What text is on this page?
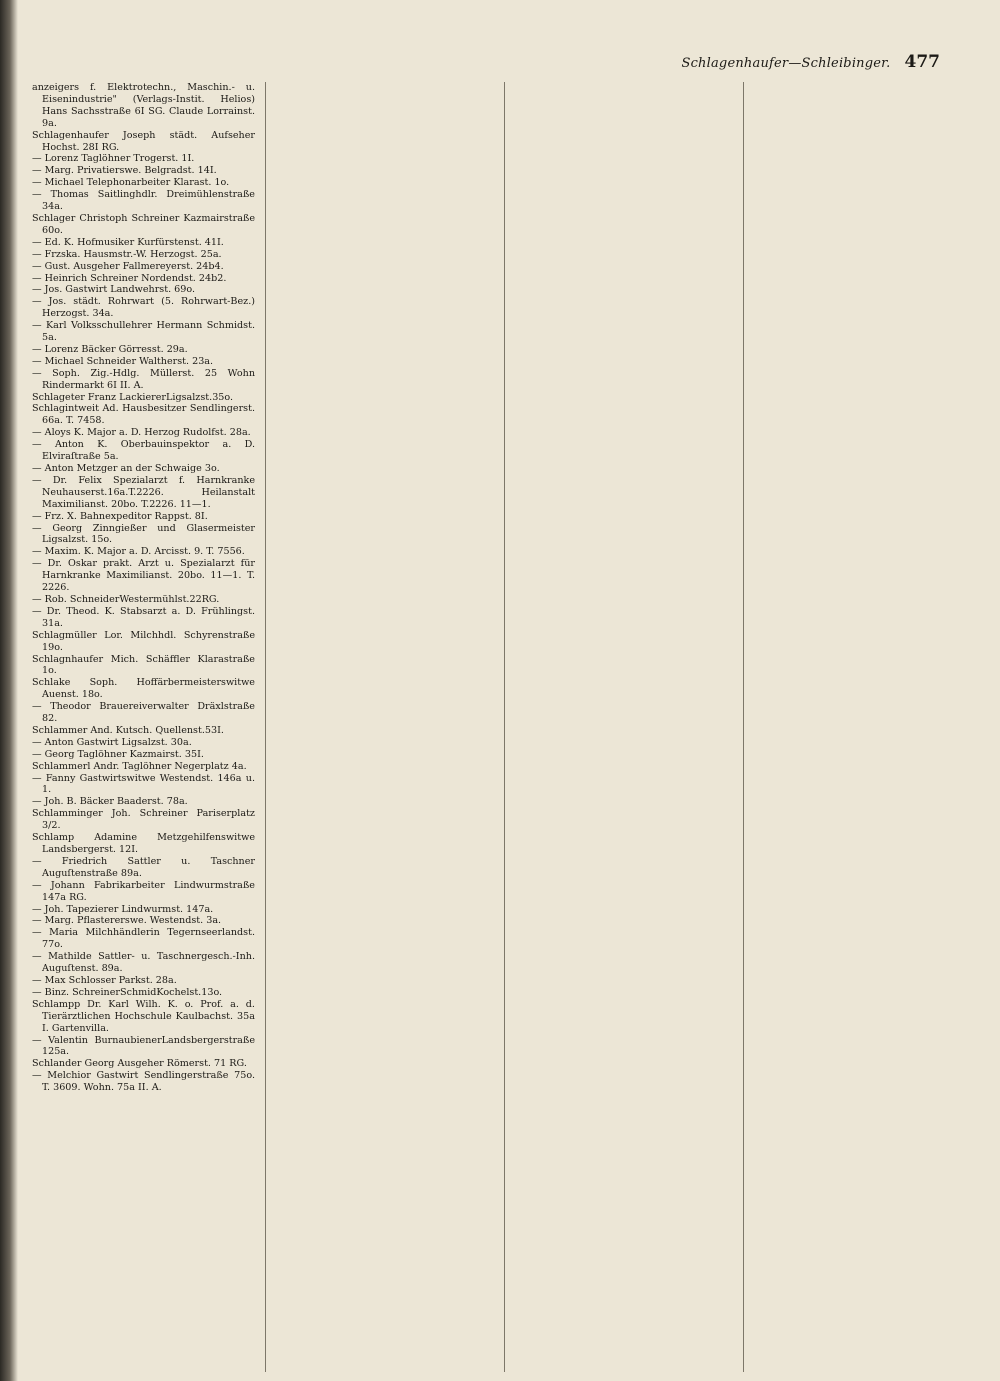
Schlagenhaufer—Schleibinger. 477
anzeigers f. Elektrotechn., Maschin.- u. Eisenindustrie" (Verlags-Instit. Helios) Hans Sachsstraße 6I SG. Claude Lorrainst. 9a.
Schlagenhaufer Joseph städt. Aufseher Hochst. 28I RG.
— Lorenz Taglöhner Trogerst. 1I.
— Marg. Privatierswe. Belgradst. 14I.
— Michael Telephonarbeiter Klarast. 1o.
— Thomas Saitlinghdlr. Dreimühlenstraße 34a.
Schlager Christoph Schreiner Kazmairstraße 60o.
— Ed. K. Hofmusiker Kurfürstenst. 41I.
— Frzska. Hausmstr.-W. Herzogst. 25a.
— Gust. Ausgeher Fallmereyerst. 24b4.
— Heinrich Schreiner Nordendst. 24b2.
— Jos. Gastwirt Landwehrst. 69o.
— Jos. städt. Rohrwart (5. Rohrwart-Bez.) Herzogst. 34a.
— Karl Volksschullehrer Hermann Schmidst. 5a.
— Lorenz Bäcker Görresst. 29a.
— Michael Schneider Waltherst. 23a.
— Soph. Zig.-Hdlg. Müllerst. 25 Wohn Rindermarkt 6I II. A.
Schlageter Franz LackiererLigsalzst.35o.
Schlagintweit Ad. Hausbesitzer Sendlingerst. 66a. T. 7458.
— Aloys K. Major a. D. Herzog Rudolfst. 28a.
— Anton K. Oberbauinspektor a. D. Elviraſtraße 5a.
— Anton Metzger an der Schwaige 3o.
— Dr. Felix Spezialarzt f. Harnkranke Neuhauserst.16a.T.2226. Heilanstalt Maximilianst. 20bo. T.2226. 11—1.
— Frz. X. Bahnexpeditor Rappst. 8I.
— Georg Zinngießer und Glasermeister Ligsalzst. 15o.
— Maxim. K. Major a. D. Arcisst. 9. T. 7556.
— Dr. Oskar prakt. Arzt u. Spezialarzt für Harnkranke Maximilianst. 20bo. 11—1. T. 2226.
— Rob. SchneiderWestermühlst.22RG.
— Dr. Theod. K. Stabsarzt a. D. Frühlingst. 31a.
Schlagmüller Lor. Milchhdl. Schyrenstraße 19o.
Schlagnhaufer Mich. Schäffler Klarastraße 1o.
Schlake Soph. Hoffärbermeisterswitwe Auenst. 18o.
— Theodor Brauereiverwalter Dräxlstraße 82.
Schlammer And. Kutsch. Quellenst.53I.
— Anton Gastwirt Ligsalzst. 30a.
— Georg Taglöhner Kazmairst. 35I.
Schlammerl Andr. Taglöhner Negerplatz 4a.
— Fanny Gastwirtswitwe Westendst. 146a u. 1.
— Joh. B. Bäcker Baaderst. 78a.
Schlamminger Joh. Schreiner Pariserplatz 3/2.
Schlamp Adamine Metzgehilfenswitwe Landsbergerst. 12I.
— Friedrich Sattler u. Taschner Auguſtenstraße 89a.
— Johann Fabrikarbeiter Lindwurmstraße 147a RG.
— Joh. Tapezierer Lindwurmst. 147a.
— Marg. Pflastererswe. Westendst. 3a.
— Maria Milchhändlerin Tegernseerlandst. 77o.
— Mathilde Sattler- u. Taschnergesch.-Inh. Auguſtenst. 89a.
— Max Schlosser Parkst. 28a.
— Binz. SchreinerSchmidKochelst.13o.
Schlampp Dr. Karl Wilh. K. o. Prof. a. d. Tierärztlichen Hochschule Kaulbachst. 35a I. Gartenvilla.
— Valentin BurnaubienerLandsbergerstraße 125a.
Schlander Georg Ausgeher Römerst. 71 RG.
— Melchior Gastwirt Sendlingerstraße 75o. T. 3609. Wohn. 75a II. A.
